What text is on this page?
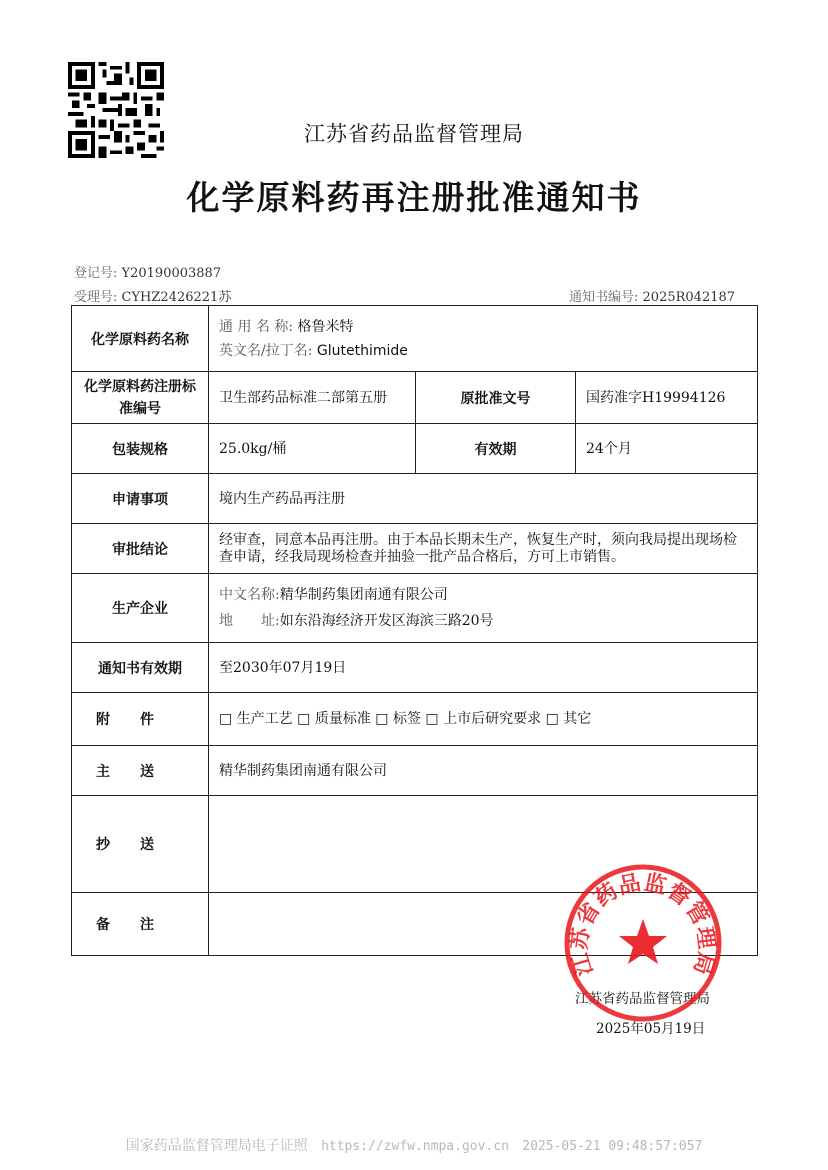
江苏省药品监督管理局
化学原料药再注册批准通知书
登记号: Y20190003887
受理号: CYHZ2426221苏	通知书编号: 2025R042187
化学原料药名称	通 用 名 称: 格鲁米特
英文名/拉丁名: Glutethimide		

化学原料药注册标准编号	卫生部药品标准二部第五册	原批准文号	国药准字H19994126
包装规格	25.0kg/桶	有效期	24个月
申请事项	境内生产药品再注册		
审批结论	经审查，同意本品再注册。由于本品长期未生产，恢复生产时，须向我局提出现场检查申请，经我局现场检查并抽验一批产品合格后，方可上市销售。		
生产企业	中文名称:精华制药集团南通有限公司
地　　址:如东沿海经济开发区海滨三路20号		

通知书有效期	至2030年07月19日		
附件	□ 生产工艺 □ 质量标准 □ 标签 □ 上市后研究要求 □ 其它		
主送	精华制药集团南通有限公司		
抄送			
备注			
江苏省药品监督管理局
2025年05月19日
江苏省药品监督管理局
国家药品监督管理局电子证照 https://zwfw.nmpa.gov.cn 2025-05-21 09:48:57:057
